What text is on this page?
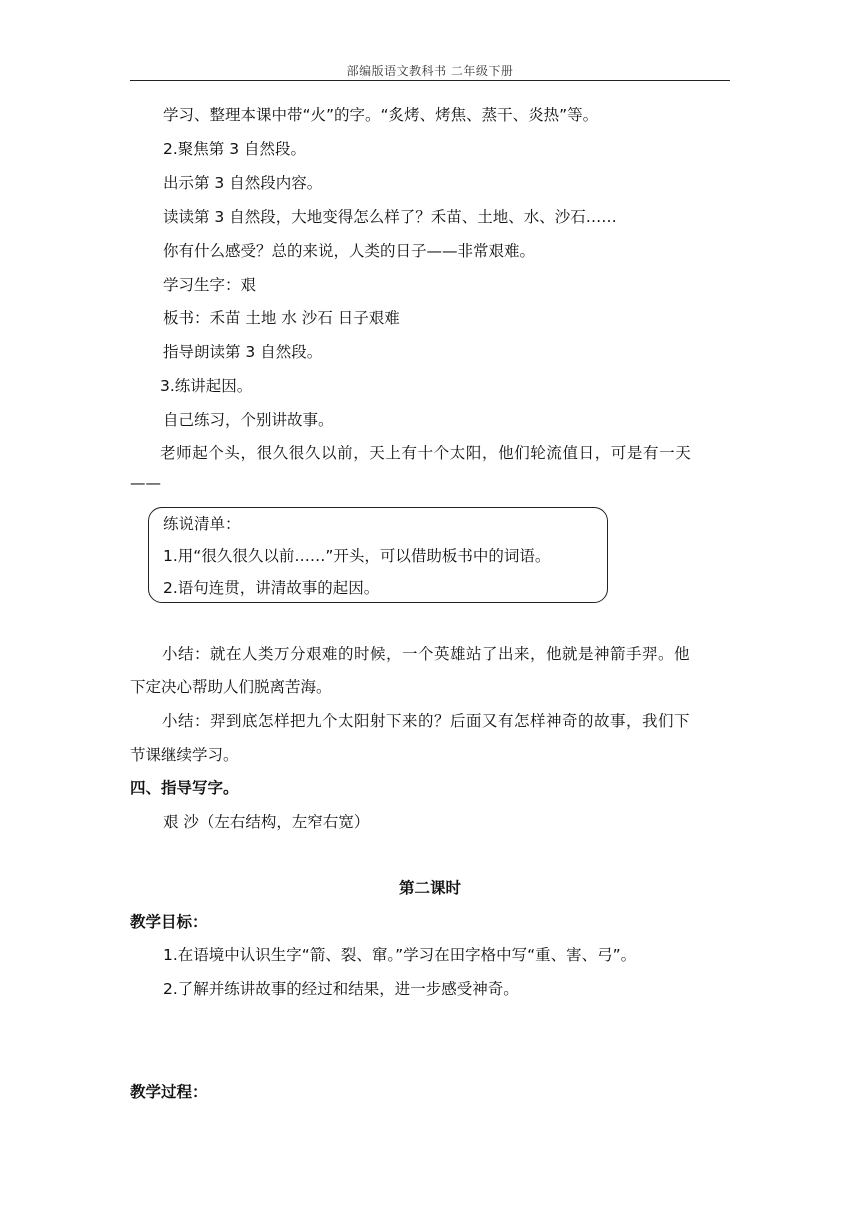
部编版语文教科书 二年级下册
学习、整理本课中带“火”的字。“炙烤、烤焦、蒸干、炎热”等。
2.聚焦第 3 自然段。
出示第 3 自然段内容。
读读第 3 自然段，大地变得怎么样了？禾苗、土地、水、沙石……
你有什么感受？总的来说，人类的日子——非常艰难。
学习生字：艰
板书：禾苗 土地 水 沙石 日子艰难
指导朗读第 3 自然段。
3.练讲起因。
自己练习，个别讲故事。
老师起个头，很久很久以前，天上有十个太阳，他们轮流值日，可是有一天
——
练说清单：
1.用“很久很久以前……”开头，可以借助板书中的词语。
2.语句连贯，讲清故事的起因。
小结：就在人类万分艰难的时候，一个英雄站了出来，他就是神箭手羿。他
下定决心帮助人们脱离苦海。
小结：羿到底怎样把九个太阳射下来的？后面又有怎样神奇的故事，我们下
节课继续学习。
四、指导写字。
艰 沙（左右结构，左窄右宽）
第二课时
教学目标：
1.在语境中认识生字“箭、裂、窜。”学习在田字格中写“重、害、弓”。
2.了解并练讲故事的经过和结果，进一步感受神奇。
教学过程：
